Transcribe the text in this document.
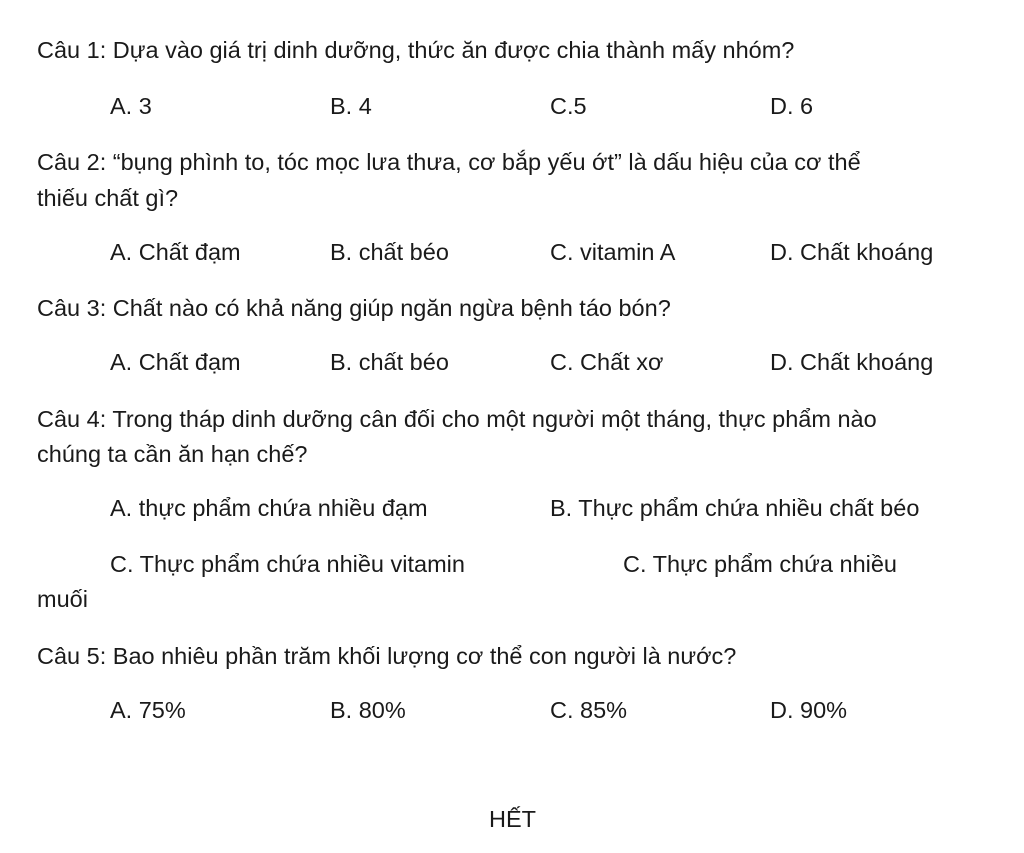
Câu 1: Dựa vào giá trị dinh dưỡng, thức ăn được chia thành mấy nhóm?
A. 3	B. 4	C.5	D. 6
Câu 2: “bụng phình to, tóc mọc lưa thưa, cơ bắp yếu ớt” là dấu hiệu của cơ thể
thiếu chất gì?
A. Chất đạm	B. chất béo	C. vitamin A	D. Chất khoáng
Câu 3: Chất nào có khả năng giúp ngăn ngừa bệnh táo bón?
A. Chất đạm	B. chất béo	C. Chất xơ	D. Chất khoáng
Câu 4: Trong tháp dinh dưỡng cân đối cho một người một tháng, thực phẩm nào
chúng ta cần ăn hạn chế?
A. thực phẩm chứa nhiều đạm	B. Thực phẩm chứa nhiều chất béo
C. Thực phẩm chứa nhiều vitamin	C. Thực phẩm chứa nhiều
muối
Câu 5: Bao nhiêu phần trăm khối lượng cơ thể con người là nước?
A. 75%	B. 80%	C. 85%	D. 90%
HẾT
